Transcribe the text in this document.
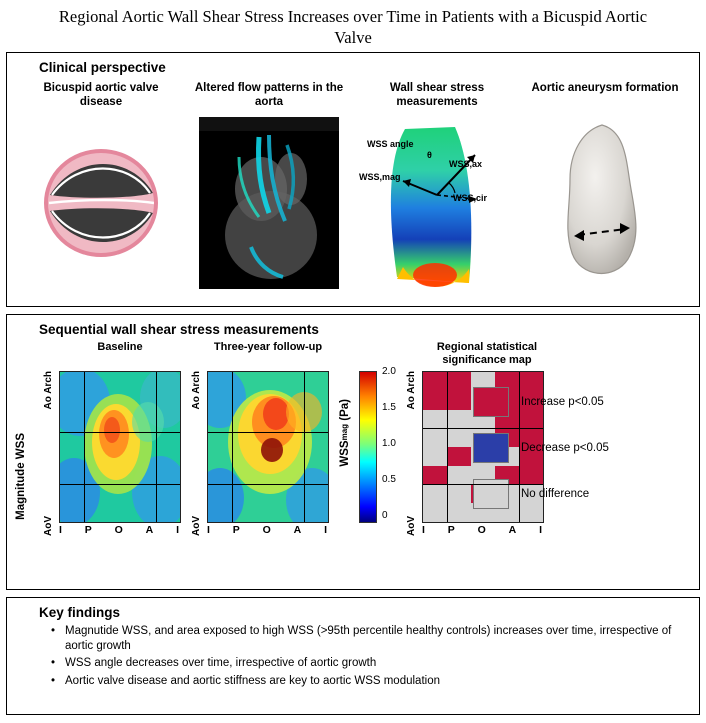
Regional Aortic Wall Shear Stress Increases over Time in Patients with a Bicuspid Aortic Valve
Clinical perspective
Bicuspid aortic valve disease
Altered flow patterns in the aorta
Wall shear stress measurements
WSS angle
WSS,ax
WSS,mag
WSS,cir
θ
Aortic aneurysm formation
Sequential wall shear stress measurements
Magnitude WSS
Baseline
Ao Arch
AoV I P O A I
Three-year follow-up
Ao Arch
AoV I P O A I
WSSmag (Pa)
2.0
1.5
1.0
0.5
0
Regional statistical significance map
Ao Arch
AoV I P O A I
Increase p<0.05
Decrease p<0.05
No difference
Key findings
• Magnutide WSS, and area exposed to high WSS (>95th percentile healthy controls) increases over time, irrespective of aortic growth
• WSS angle decreases over time, irrespective of aortic growth
• Aortic valve disease and aortic stiffness are key to aortic WSS modulation
